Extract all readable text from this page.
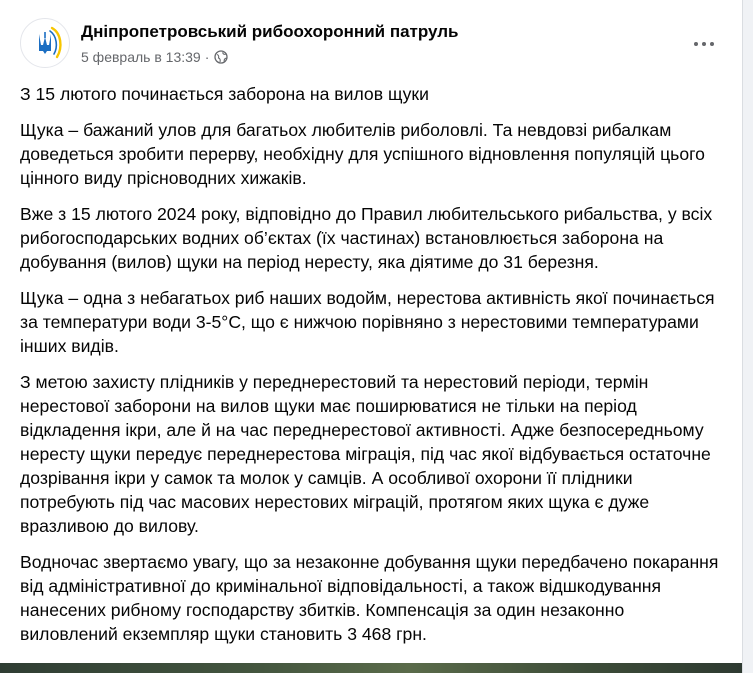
Дніпропетровський рибоохоронний патруль
5 февраль в 13:39 ·

З 15 лютого починається заборона на вилов щуки

Щука – бажаний улов для багатьох любителів риболовлі. Та невдовзі рибалкам доведеться зробити перерву, необхідну для успішного відновлення популяцій цього цінного виду прісноводних хижаків.

Вже з 15 лютого 2024 року, відповідно до Правил любительського рибальства, у всіх рибогосподарських водних об’єктах (їх частинах) встановлюється заборона на добування (вилов) щуки на період нерестy, яка діятиме до 31 березня.

Щука – одна з небагатьох риб наших водойм, нерестова активність якої починається за температури води 3-5°С, що є нижчою порівняно з нерестовими температурами інших видів.

З метою захисту плідників у переднерестовий та нерестовий періоди, термін нерестової заборони на вилов щуки має поширюватися не тільки на період відкладення ікри, але й на час переднерестової активності. Адже безпосередньому нересту щуки передує переднерестова міграція, під час якої відбувається остаточне дозрівання ікри у самок та молок у самців. А особливої охорони її плідники потребують під час масових нерестових міграцій, протягом яких щука є дуже вразливою до вилову.

Водночас звертаємо увагу, що за незаконне добування щуки передбачено покарання від адміністративної до кримінальної відповідальності, а також відшкодування нанесених рибному господарству збитків. Компенсація за один незаконно виловлений екземпляр щуки становить 3 468 грн.
